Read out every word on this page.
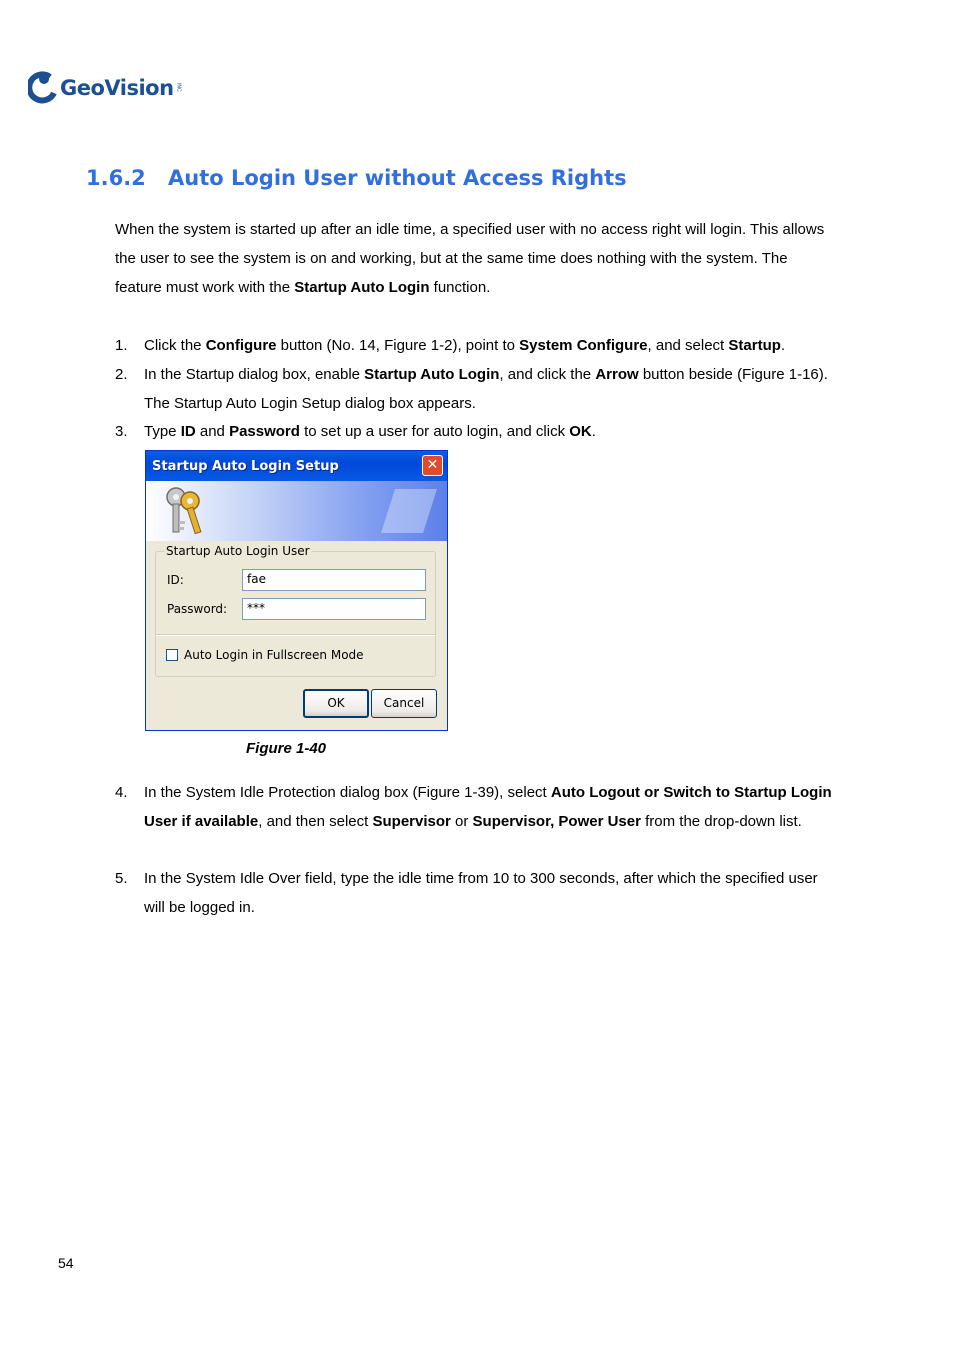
GeoVision INC.
1.6.2 Auto Login User without Access Rights
When the system is started up after an idle time, a specified user with no access right will login. This allows the user to see the system is on and working, but at the same time does nothing with the system. The feature must work with the Startup Auto Login function.
1. Click the Configure button (No. 14, Figure 1-2), point to System Configure, and select Startup.
2. In the Startup dialog box, enable Startup Auto Login, and click the Arrow button beside (Figure 1-16). The Startup Auto Login Setup dialog box appears.
3. Type ID and Password to set up a user for auto login, and click OK.
Startup Auto Login Setup	✕
Startup Auto Login User
ID:	fae
Password:	***
Auto Login in Fullscreen Mode
OK	Cancel
Figure 1-40
4. In the System Idle Protection dialog box (Figure 1-39), select Auto Logout or Switch to Startup Login User if available, and then select Supervisor or Supervisor, Power User from the drop-down list.
5. In the System Idle Over field, type the idle time from 10 to 300 seconds, after which the specified user will be logged in.
54
